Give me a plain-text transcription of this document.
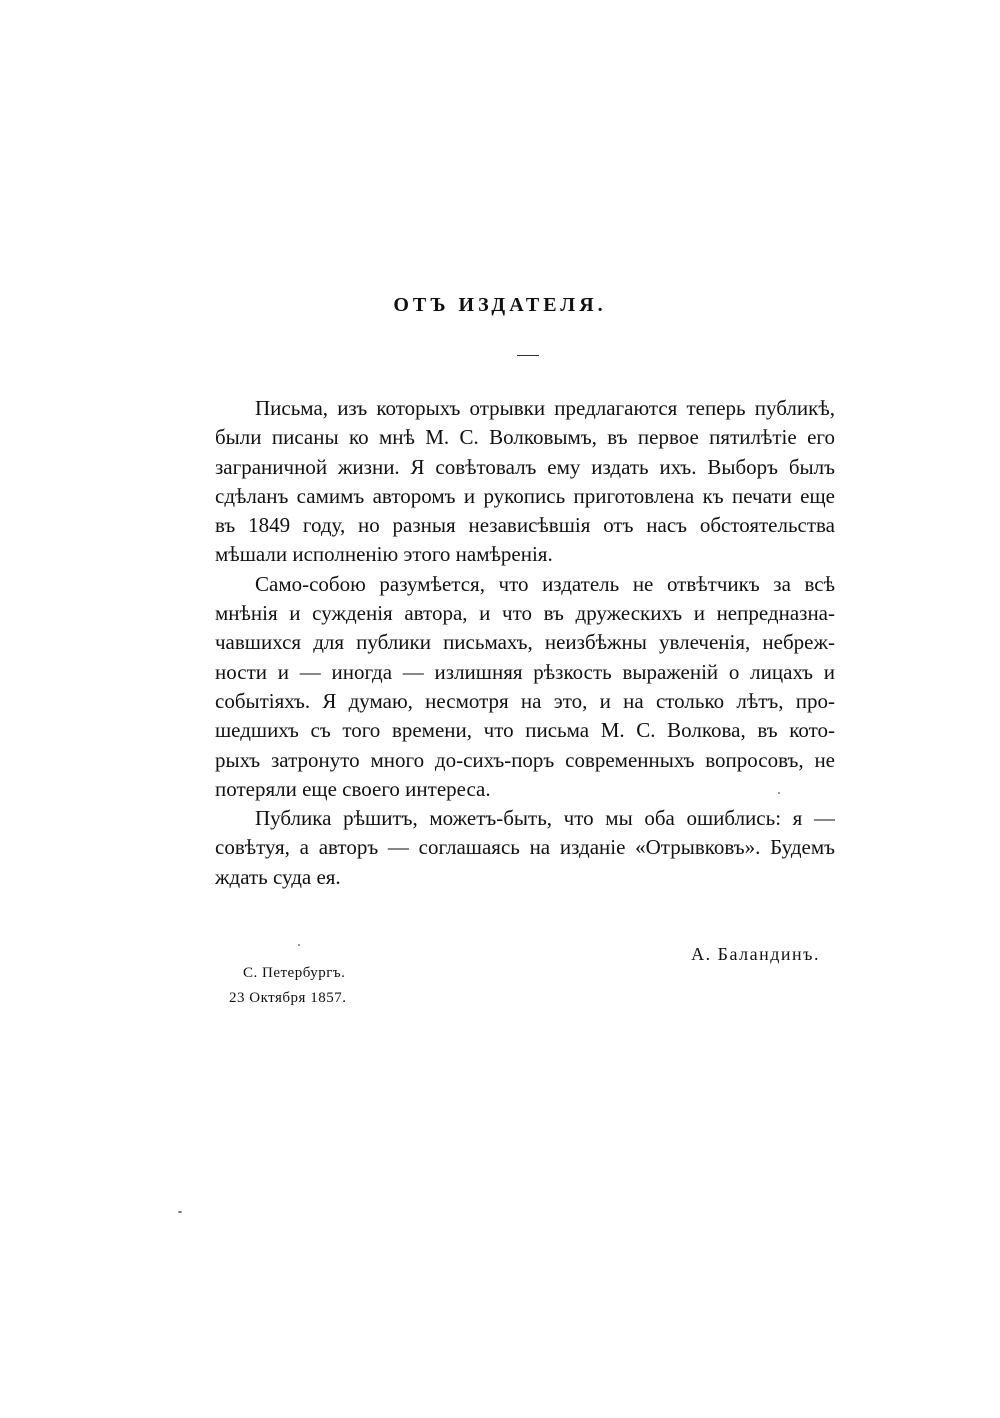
ОТЪ ИЗДАТЕЛЯ.
Письма, изъ которыхъ отрывки предлагаются теперь публикѣ,
были писаны ко мнѣ М. С. Волковымъ, въ первое пятилѣтіе его
заграничной жизни. Я совѣтовалъ ему издать ихъ. Выборъ былъ
сдѣланъ самимъ авторомъ и рукопись приготовлена къ печати еще
въ 1849 году, но разныя независѣвшія отъ насъ обстоятельства
мѣшали исполненію этого намѣренія.
Само-собою разумѣется, что издатель не отвѣтчикъ за всѣ
мнѣнія и сужденія автора, и что въ дружескихъ и непредназна-
чавшихся для публики письмахъ, неизбѣжны увлеченія, небреж-
ности и — иногда — излишняя рѣзкость выраженій о лицахъ и
событіяхъ. Я думаю, несмотря на это, и на столько лѣтъ, про-
шедшихъ съ того времени, что письма М. С. Волкова, въ кото-
рыхъ затронуто много до-сихъ-поръ современныхъ вопросовъ, не
потеряли еще своего интереса.
Публика рѣшитъ, можетъ-быть, что мы оба ошиблись: я —
совѣтуя, а авторъ — соглашаясь на изданіе «Отрывковъ». Будемъ
ждать суда ея.
А. Баландинъ.
С. Петербургъ.
23 Октября 1857.
